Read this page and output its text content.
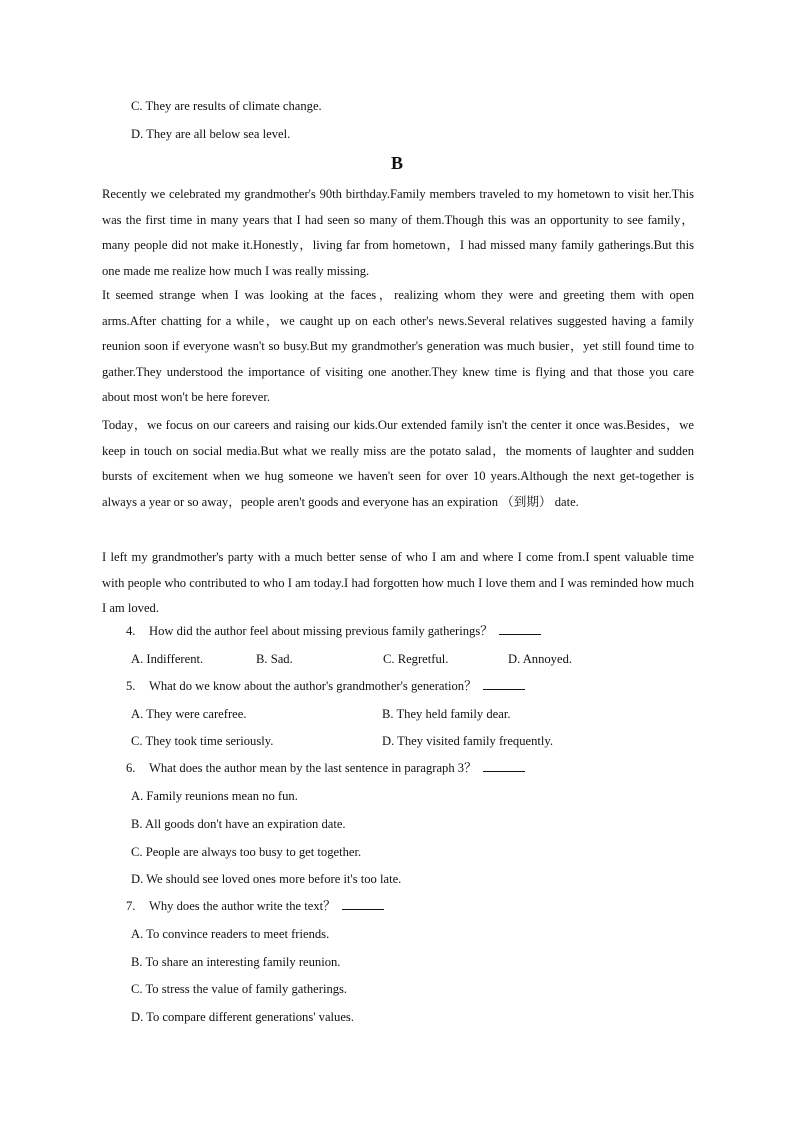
C. They are results of climate change.
D. They are all below sea level.
B

Recently we celebrated my grandmother's 90th birthday.Family members traveled to my hometown to visit her.This was the first time in many years that I had seen so many of them.Though this was an opportunity to see family，many people did not make it.Honestly，living far from hometown，I had missed many family gatherings.But this one made me realize how much I was really missing.

It seemed strange when I was looking at the faces，realizing whom they were and greeting them with open arms.After chatting for a while，we caught up on each other's news.Several relatives suggested having a family reunion soon if everyone wasn't so busy.But my grandmother's generation was much busier，yet still found time to gather.They understood the importance of visiting one another.They knew time is flying and that those you care about most won't be here forever.

Today，we focus on our careers and raising our kids.Our extended family isn't the center it once was.Besides，we keep in touch on social media.But what we really miss are the potato salad，the moments of laughter and sudden bursts of excitement when we hug someone we haven't seen for over 10 years.Although the next get-together is always a year or so away，people aren't goods and everyone has an expiration （到期） date.

I left my grandmother's party with a much better sense of who I am and where I come from.I spent valuable time with people who contributed to who I am today.I had forgotten how much I love them and I was reminded how much I am loved.

4. How did the author feel about missing previous family gatherings？
A. Indifferent.	B. Sad.	C. Regretful.	D. Annoyed.
5. What do we know about the author's grandmother's generation？
A. They were carefree.	B. They held family dear.
C. They took time seriously.	D. They visited family frequently.
6. What does the author mean by the last sentence in paragraph 3？
A. Family reunions mean no fun.
B. All goods don't have an expiration date.
C. People are always too busy to get together.
D. We should see loved ones more before it's too late.
7. Why does the author write the text？
A. To convince readers to meet friends.
B. To share an interesting family reunion.
C. To stress the value of family gatherings.
D. To compare different generations' values.
